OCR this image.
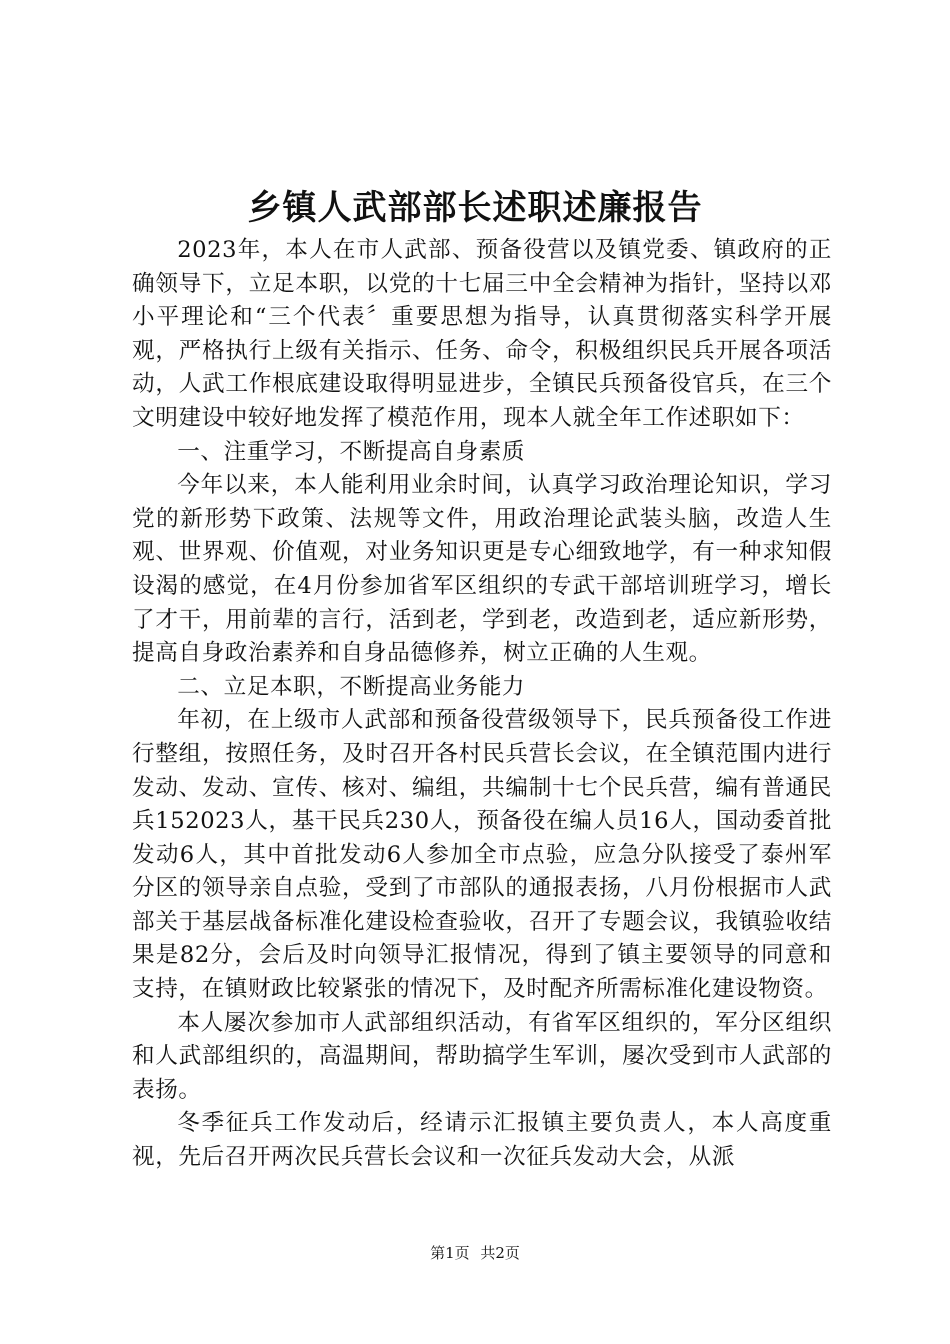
乡镇人武部部长述职述廉报告

2023年，本人在市人武部、预备役营以及镇党委、镇政府的正确领导下，立足本职，以党的十七届三中全会精神为指针，坚持以邓小平理论和“三个代表〞重要思想为指导，认真贯彻落实科学开展观，严格执行上级有关指示、任务、命令，积极组织民兵开展各项活动，人武工作根底建设取得明显进步，全镇民兵预备役官兵，在三个文明建设中较好地发挥了模范作用，现本人就全年工作述职如下：

一、注重学习，不断提高自身素质

今年以来，本人能利用业余时间，认真学习政治理论知识，学习党的新形势下政策、法规等文件，用政治理论武装头脑，改造人生观、世界观、价值观，对业务知识更是专心细致地学，有一种求知假设渴的感觉，在4月份参加省军区组织的专武干部培训班学习，增长了才干，用前辈的言行，活到老，学到老，改造到老，适应新形势，提高自身政治素养和自身品德修养，树立正确的人生观。

二、立足本职，不断提高业务能力

年初，在上级市人武部和预备役营级领导下，民兵预备役工作进行整组，按照任务，及时召开各村民兵营长会议，在全镇范围内进行发动、发动、宣传、核对、编组，共编制十七个民兵营，编有普通民兵152023人，基干民兵230人，预备役在编人员16人，国动委首批发动6人，其中首批发动6人参加全市点验，应急分队接受了泰州军分区的领导亲自点验，受到了市部队的通报表扬，八月份根据市人武部关于基层战备标准化建设检查验收，召开了专题会议，我镇验收结果是82分，会后及时向领导汇报情况，得到了镇主要领导的同意和支持，在镇财政比较紧张的情况下，及时配齐所需标准化建设物资。

本人屡次参加市人武部组织活动，有省军区组织的，军分区组织和人武部组织的，高温期间，帮助搞学生军训，屡次受到市人武部的表扬。

冬季征兵工作发动后，经请示汇报镇主要负责人，本人高度重视，先后召开两次民兵营长会议和一次征兵发动大会，从派

第1页 共2页
